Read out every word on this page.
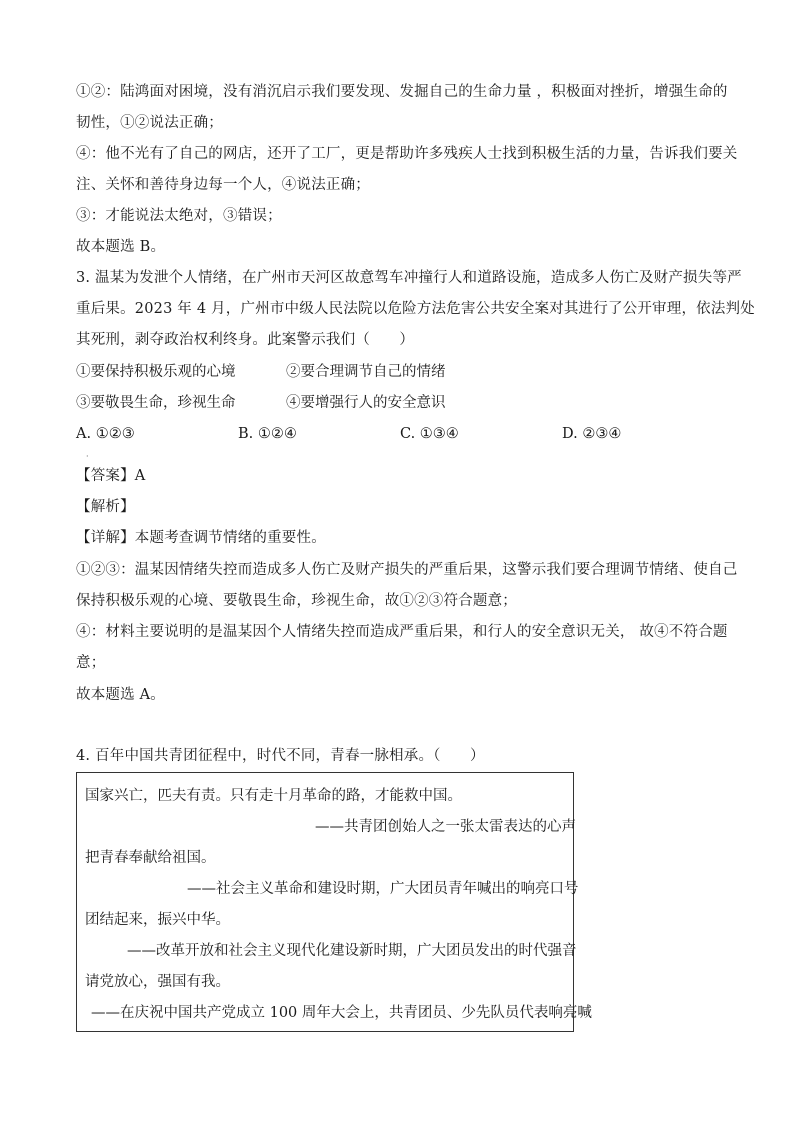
①②：陆鸿面对困境，没有消沉启示我们要发现、发掘自己的生命力量 ，积极面对挫折，增强生命的
韧性，①②说法正确；
④：他不光有了自己的网店，还开了工厂，更是帮助许多残疾人士找到积极生活的力量，告诉我们要关
注、关怀和善待身边每一个人，④说法正确；
③：才能说法太绝对，③错误；
故本题选 B。
3. 温某为发泄个人情绪，在广州市天河区故意驾车冲撞行人和道路设施，造成多人伤亡及财产损失等严
重后果。2023 年 4 月，广州市中级人民法院以危险方法危害公共安全案对其进行了公开审理，依法判处
其死刑，剥夺政治权利终身。此案警示我们（　　）
①要保持积极乐观的心境	②要合理调节自己的情绪
③要敬畏生命，珍视生命	④要增强行人的安全意识
A. ①②③	B. ①②④	C. ①③④	D. ②③④
·
【答案】A
【解析】
【详解】本题考查调节情绪的重要性。
①②③：温某因情绪失控而造成多人伤亡及财产损失的严重后果，这警示我们要合理调节情绪、使自己
保持积极乐观的心境、要敬畏生命，珍视生命，故①②③符合题意；
④：材料主要说明的是温某因个人情绪失控而造成严重后果，和行人的安全意识无关， 故④不符合题
意；
故本题选 A。
4. 百年中国共青团征程中，时代不同，青春一脉相承。（　　）
国家兴亡，匹夫有责。只有走十月革命的路，才能救中国。
——共青团创始人之一张太雷表达的心声
把青春奉献给祖国。
——社会主义革命和建设时期，广大团员青年喊出的响亮口号
团结起来，振兴中华。
——改革开放和社会主义现代化建设新时期，广大团员发出的时代强音
请党放心，强国有我。
——在庆祝中国共产党成立 100 周年大会上，共青团员、少先队员代表响亮喊
